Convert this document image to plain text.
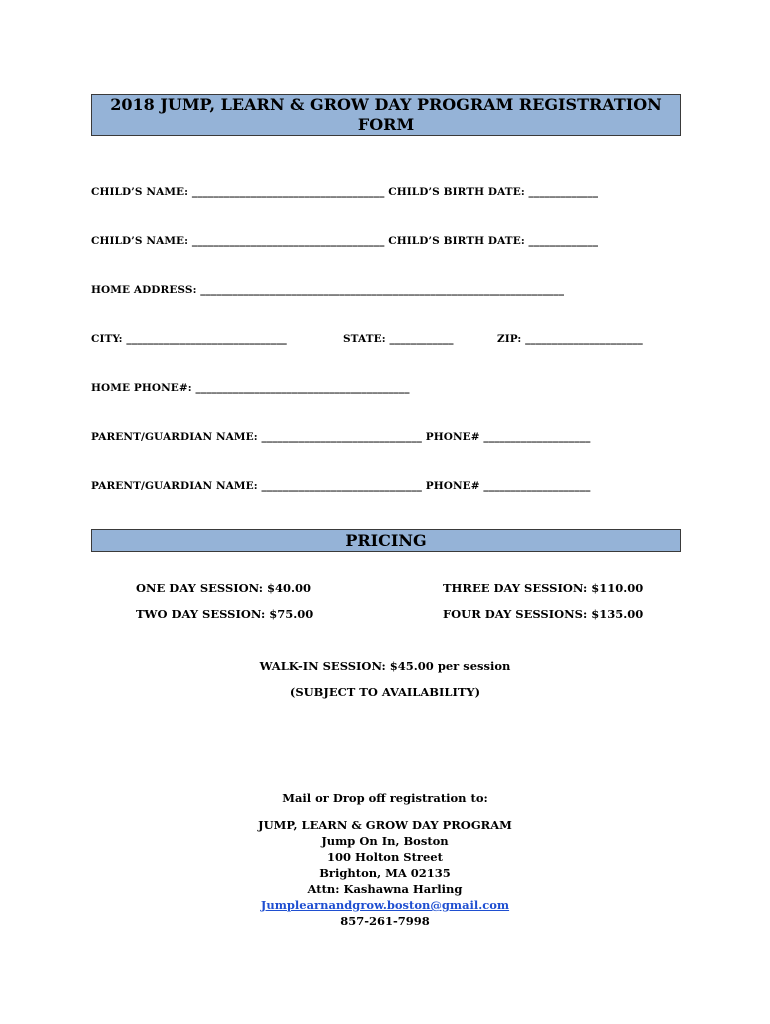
2018 JUMP, LEARN & GROW DAY PROGRAM REGISTRATION
FORM
CHILD’S NAME: ____________________________________ CHILD’S BIRTH DATE: _____________
CHILD’S NAME: ____________________________________ CHILD’S BIRTH DATE: _____________
HOME ADDRESS: ____________________________________________________________________
CITY: ______________________________	STATE: ____________	ZIP: ______________________
HOME PHONE#: ________________________________________
PARENT/GUARDIAN NAME: ______________________________ PHONE# ____________________
PARENT/GUARDIAN NAME: ______________________________ PHONE# ____________________
PRICING
ONE DAY SESSION: $40.00	THREE DAY SESSION: $110.00
TWO DAY SESSION: $75.00	FOUR DAY SESSIONS: $135.00
WALK-IN SESSION: $45.00 per session
(SUBJECT TO AVAILABILITY)
Mail or Drop off registration to:
JUMP, LEARN & GROW DAY PROGRAM
Jump On In, Boston
100 Holton Street
Brighton, MA 02135
Attn: Kashawna Harling
Jumplearnandgrow.boston@gmail.com
857-261-7998
